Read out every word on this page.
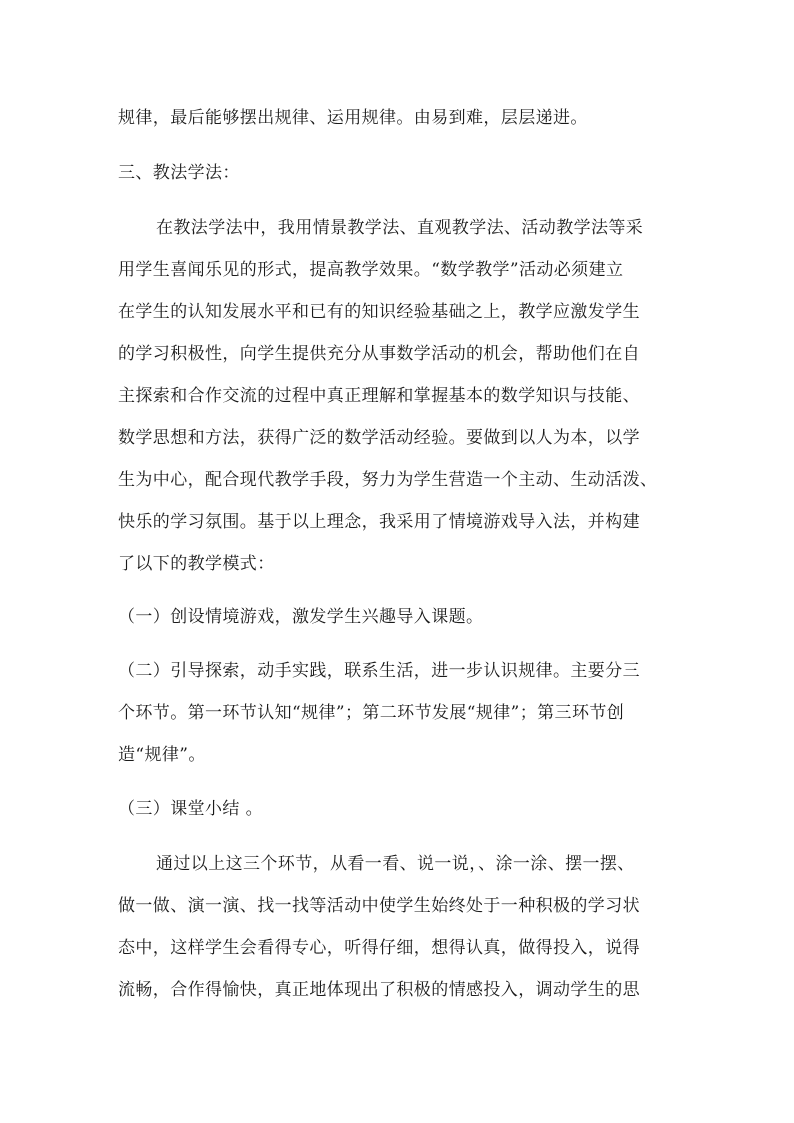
规律，最后能够摆出规律、运用规律。由易到难，层层递进。
三、教法学法：
在教法学法中，我用情景教学法、直观教学法、活动教学法等采
用学生喜闻乐见的形式，提高教学效果。“数学教学”活动必须建立
在学生的认知发展水平和已有的知识经验基础之上，教学应激发学生
的学习积极性，向学生提供充分从事数学活动的机会，帮助他们在自
主探索和合作交流的过程中真正理解和掌握基本的数学知识与技能、
数学思想和方法，获得广泛的数学活动经验。要做到以人为本，以学
生为中心，配合现代教学手段，努力为学生营造一个主动、生动活泼、
快乐的学习氛围。基于以上理念，我采用了情境游戏导入法，并构建
了以下的教学模式：
（一）创设情境游戏，激发学生兴趣导入课题。
（二）引导探索，动手实践，联系生活，进一步认识规律。主要分三
个环节。第一环节认知“规律”；第二环节发展“规律”；第三环节创
造“规律”。
（三）课堂小结 。
通过以上这三个环节，从看一看、说一说，、涂一涂、摆一摆、
做一做、演一演、找一找等活动中使学生始终处于一种积极的学习状
态中，这样学生会看得专心，听得仔细，想得认真，做得投入，说得
流畅，合作得愉快，真正地体现出了积极的情感投入，调动学生的思
